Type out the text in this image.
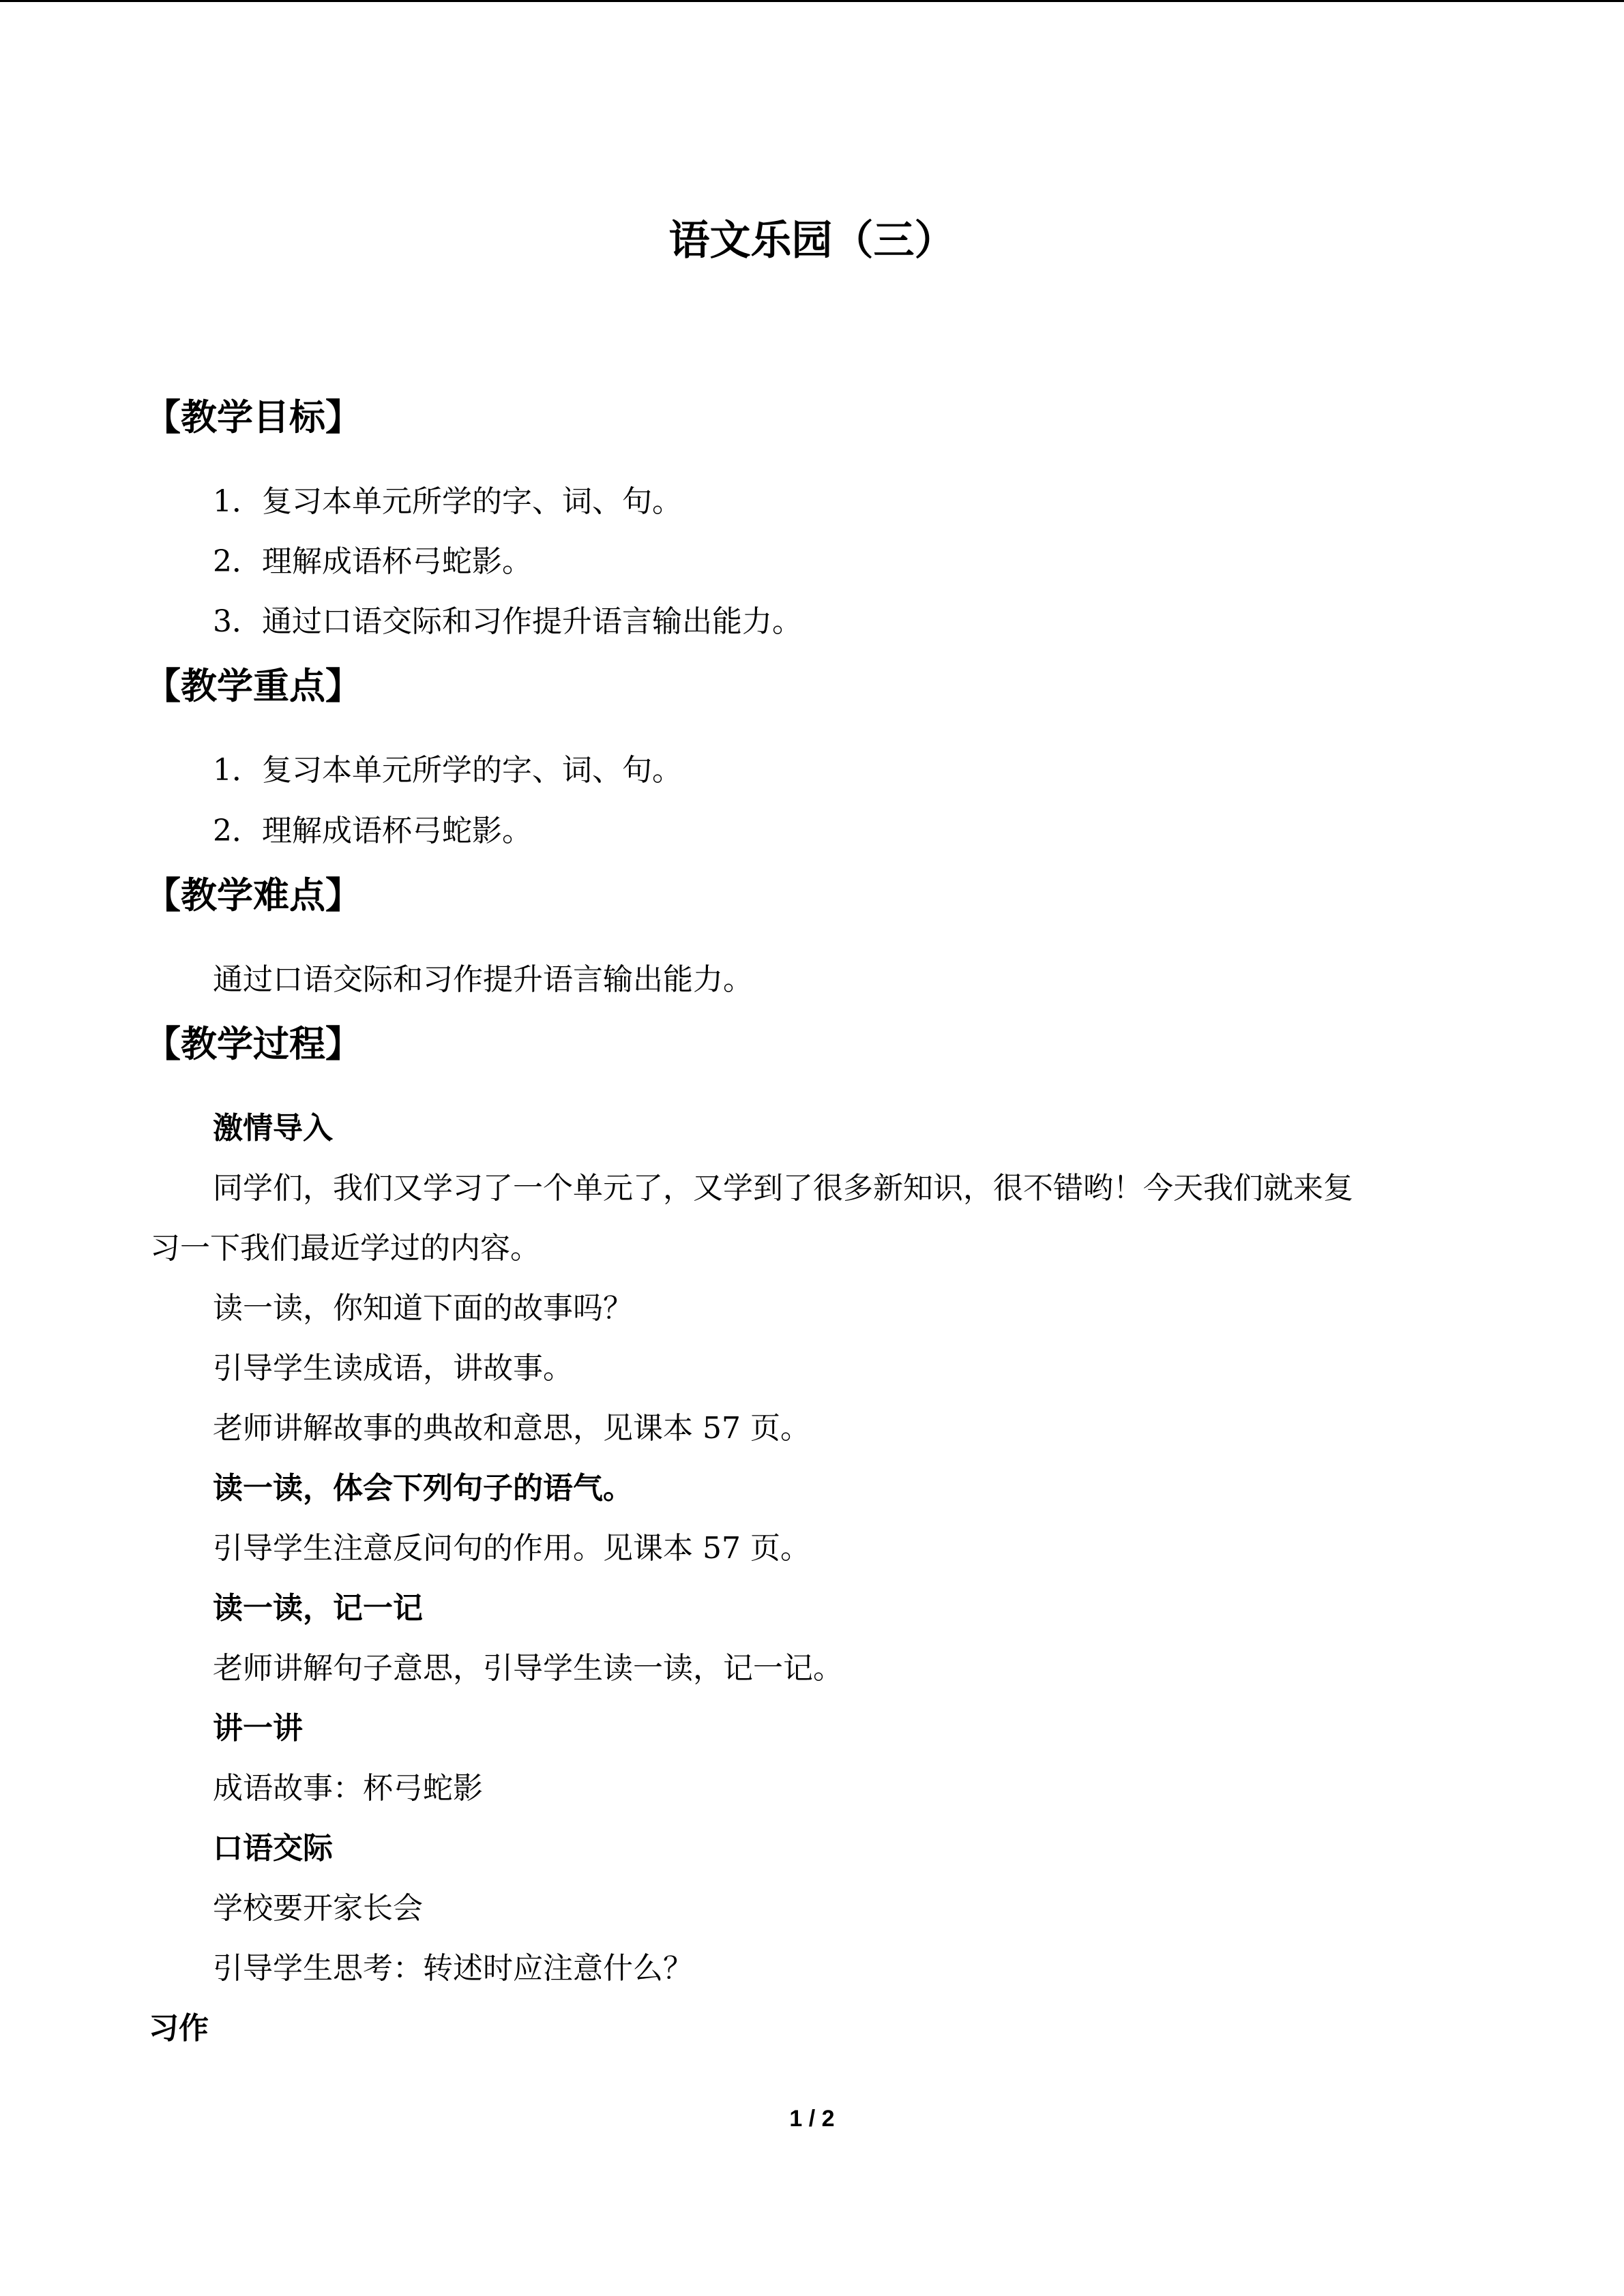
语文乐园（三）
【教学目标】
1．复习本单元所学的字、词、句。
2．理解成语杯弓蛇影。
3．通过口语交际和习作提升语言输出能力。
【教学重点】
1．复习本单元所学的字、词、句。
2．理解成语杯弓蛇影。
【教学难点】
通过口语交际和习作提升语言输出能力。
【教学过程】
激情导入
同学们，我们又学习了一个单元了，又学到了很多新知识，很不错哟！今天我们就来复
习一下我们最近学过的内容。
读一读，你知道下面的故事吗？
引导学生读成语，讲故事。
老师讲解故事的典故和意思，见课本 57 页。
读一读，体会下列句子的语气。
引导学生注意反问句的作用。见课本 57 页。
读一读，记一记
老师讲解句子意思，引导学生读一读，记一记。
讲一讲
成语故事：杯弓蛇影
口语交际
学校要开家长会
引导学生思考：转述时应注意什么？
习作
1 / 2
